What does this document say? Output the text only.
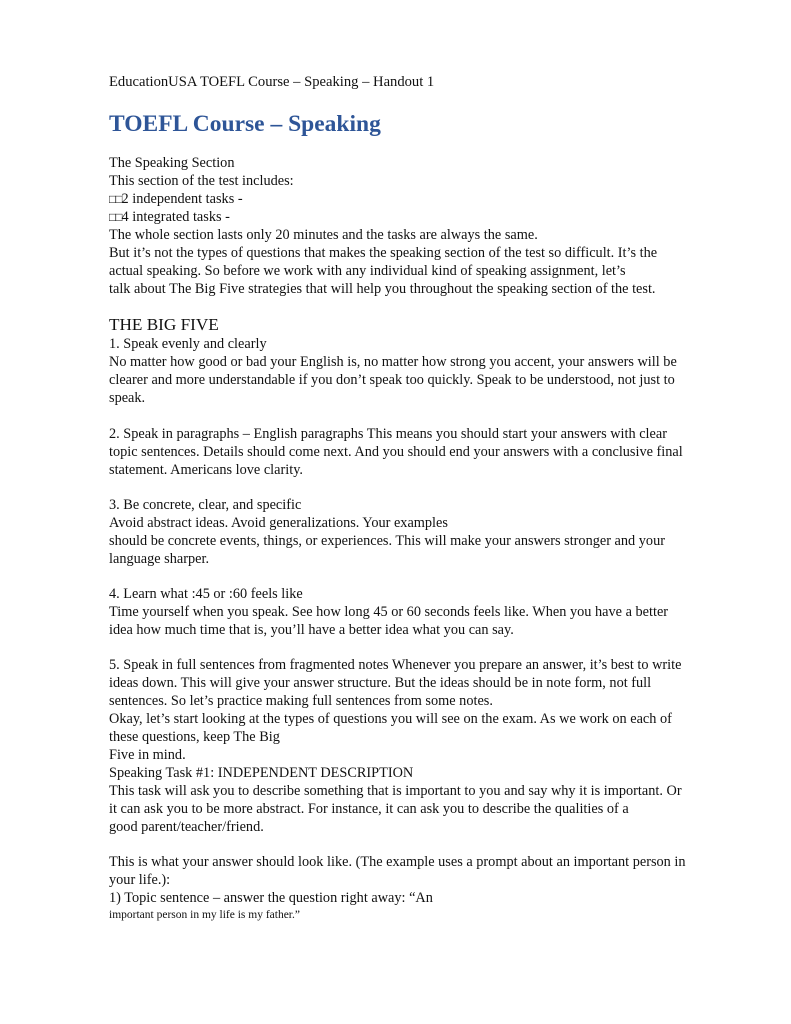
EducationUSA TOEFL Course – Speaking – Handout 1
TOEFL Course – Speaking
The Speaking Section
This section of the test includes:
□□2 independent tasks -
□□4 integrated tasks -
The whole section lasts only 20 minutes and the tasks are always the same.
But it’s not the types of questions that makes the speaking section of the test so difficult. It’s the
actual speaking. So before we work with any individual kind of speaking assignment, let’s
talk about The Big Five strategies that will help you throughout the speaking section of the test.
THE BIG FIVE
1. Speak evenly and clearly
No matter how good or bad your English is, no matter how strong you accent, your answers will be
clearer and more understandable if you don’t speak too quickly. Speak to be understood, not just to
speak.
2. Speak in paragraphs – English paragraphs This means you should start your answers with clear
topic sentences. Details should come next. And you should end your answers with a conclusive final
statement. Americans love clarity.
3. Be concrete, clear, and specific
Avoid abstract ideas. Avoid generalizations. Your examples
should be concrete events, things, or experiences. This will make your answers stronger and your
language sharper.
4. Learn what :45 or :60 feels like
Time yourself when you speak. See how long 45 or 60 seconds feels like. When you have a better
idea how much time that is, you’ll have a better idea what you can say.
5. Speak in full sentences from fragmented notes Whenever you prepare an answer, it’s best to write
ideas down. This will give your answer structure. But the ideas should be in note form, not full
sentences. So let’s practice making full sentences from some notes.
Okay, let’s start looking at the types of questions you will see on the exam. As we work on each of
these questions, keep The Big
Five in mind.
Speaking Task #1: INDEPENDENT DESCRIPTION
This task will ask you to describe something that is important to you and say why it is important. Or
it can ask you to be more abstract. For instance, it can ask you to describe the qualities of a
good parent/teacher/friend.
This is what your answer should look like. (The example uses a prompt about an important person in
your life.):
1) Topic sentence – answer the question right away: “An
important person in my life is my father.”
